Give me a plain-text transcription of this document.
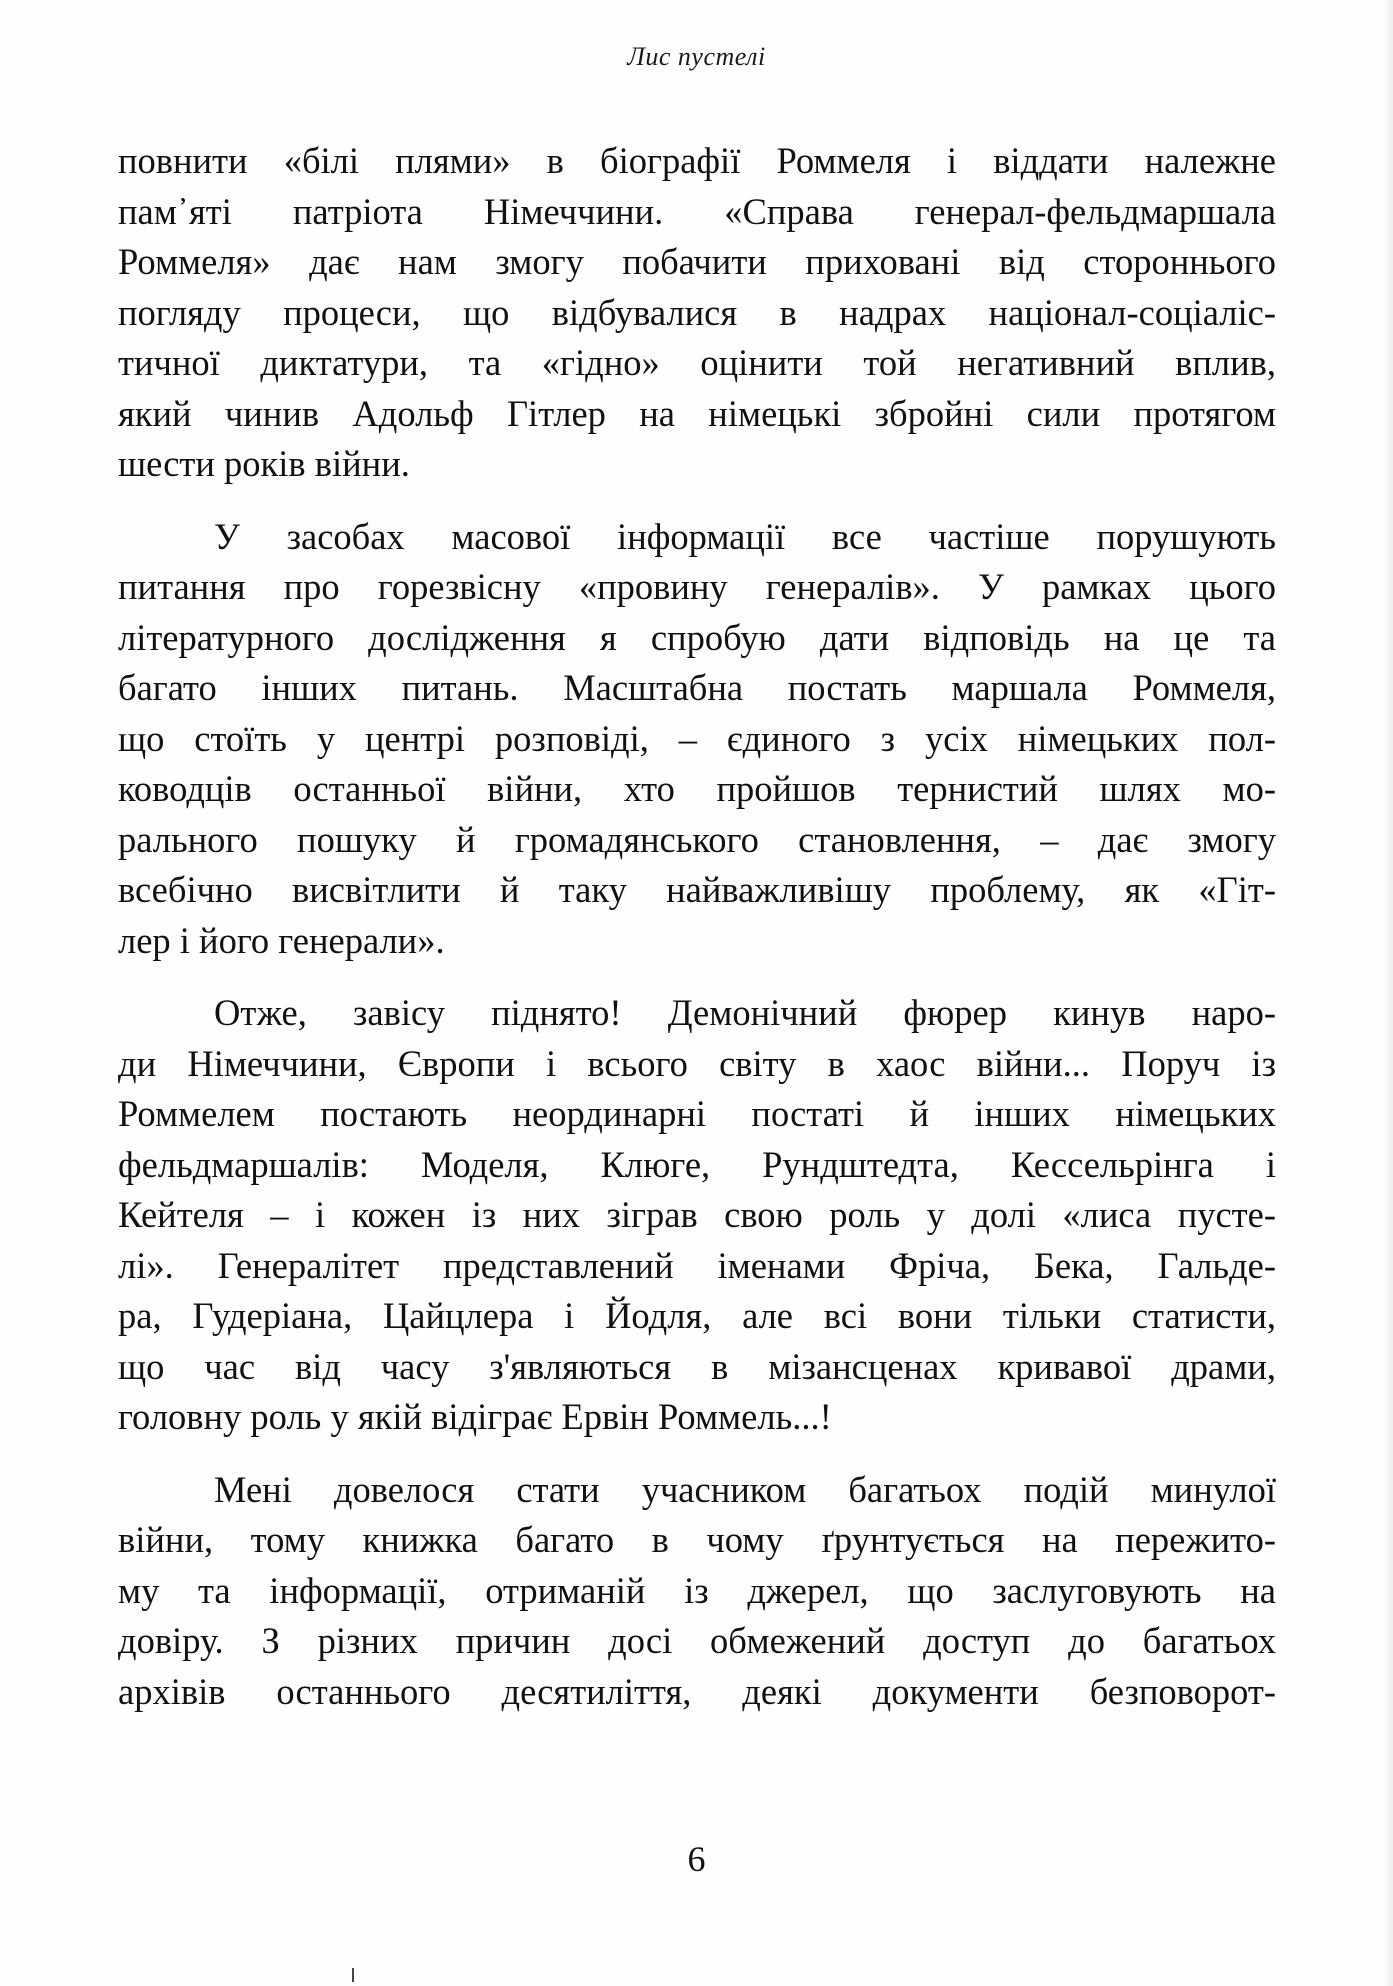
Лис пустелі
повнити «білі плями» в біографії Роммеля і віддати належне
пам᾿яті патріота Німеччини. «Справа генерал-фельдмаршала
Роммеля» дає нам змогу побачити приховані від стороннього
погляду процеси, що відбувалися в надрах націонал-соціаліс-
тичної диктатури, та «гідно» оцінити той негативний вплив,
який чинив Адольф Гітлер на німецькі збройні сили протягом
шести років війни.
У засобах масової інформації все частіше порушують
питання про горезвісну «провину генералів». У рамках цього
літературного дослідження я спробую дати відповідь на це та
багато інших питань. Масштабна постать маршала Роммеля,
що стоїть у центрі розповіді, – єдиного з усіх німецьких пол-
ководців останньої війни, хто пройшов тернистий шлях мо-
рального пошуку й громадянського становлення, – дає змогу
всебічно висвітлити й таку найважливішу проблему, як «Гіт-
лер і його генерали».
Отже, завісу піднято! Демонічний фюрер кинув наро-
ди Німеччини, Європи і всього світу в хаос війни... Поруч із
Роммелем постають неординарні постаті й інших німецьких
фельдмаршалів: Моделя, Клюге, Рундштедта, Кессельрінга і
Кейтеля – і кожен із них зіграв свою роль у долі «лиса пусте-
лі». Генералітет представлений іменами Фріча, Бека, Гальде-
ра, Гудеріана, Цайцлера і Йодля, але всі вони тільки статисти,
що час від часу з'являються в мізансценах кривавої драми,
головну роль у якій відіграє Ервін Роммель...!
Мені довелося стати учасником багатьох подій минулої
війни, тому книжка багато в чому ґрунтується на пережито-
му та інформації, отриманій із джерел, що заслуговують на
довіру. З різних причин досі обмежений доступ до багатьох
архівів останнього десятиліття, деякі документи безповорот-
6
